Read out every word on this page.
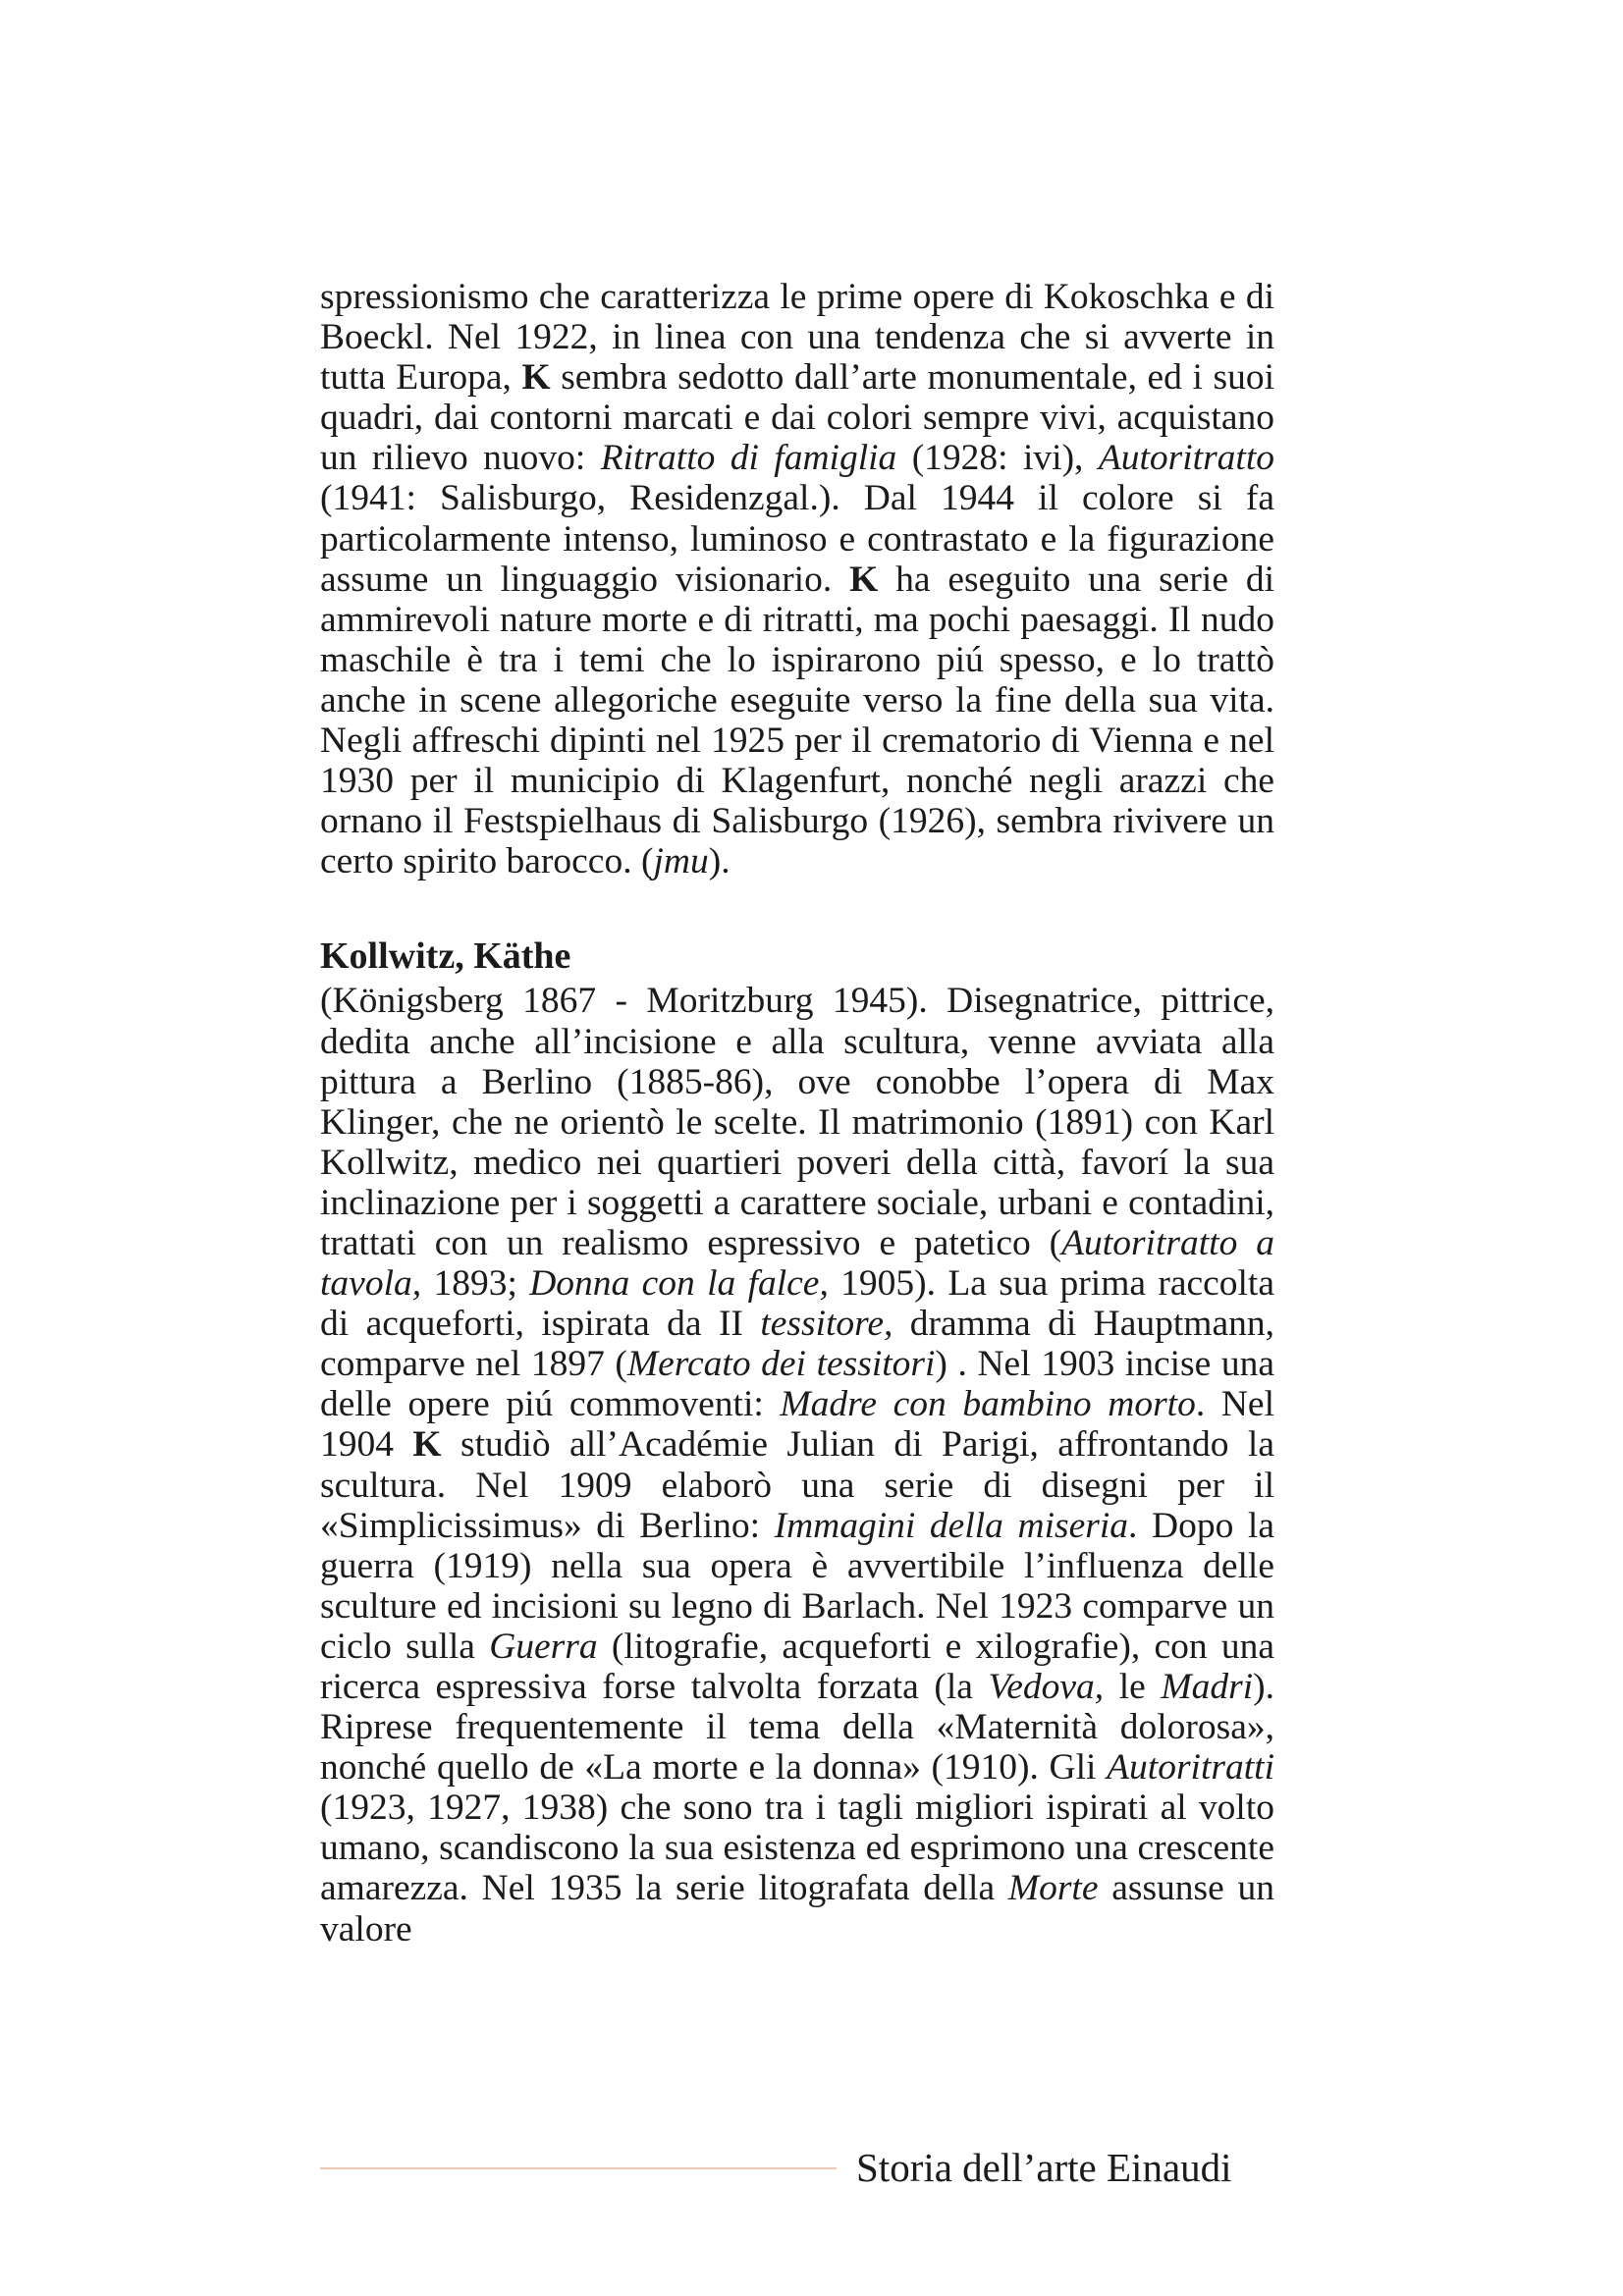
spressionismo che caratterizza le prime opere di Kokoschka e di Boeckl. Nel 1922, in linea con una tendenza che si avverte in tutta Europa, K sembra sedotto dall’arte monumentale, ed i suoi quadri, dai contorni marcati e dai colori sempre vivi, acquistano un rilievo nuovo: Ritratto di famiglia (1928: ivi), Autoritratto (1941: Salisburgo, Residenzgal.). Dal 1944 il colore si fa particolarmente intenso, luminoso e contrastato e la figurazione assume un linguaggio visionario. K ha eseguito una serie di ammirevoli nature morte e di ritratti, ma pochi paesaggi. Il nudo maschile è tra i temi che lo ispirarono piú spesso, e lo trattò anche in scene allegoriche eseguite verso la fine della sua vita. Negli affreschi dipinti nel 1925 per il crematorio di Vienna e nel 1930 per il municipio di Klagenfurt, nonché negli arazzi che ornano il Festspielhaus di Salisburgo (1926), sembra rivivere un certo spirito barocco. (jmu).

Kollwitz, Käthe

(Königsberg 1867 - Moritzburg 1945). Disegnatrice, pittrice, dedita anche all’incisione e alla scultura, venne avviata alla pittura a Berlino (1885-86), ove conobbe l’opera di Max Klinger, che ne orientò le scelte. Il matrimonio (1891) con Karl Kollwitz, medico nei quartieri poveri della città, favorí la sua inclinazione per i soggetti a carattere sociale, urbani e contadini, trattati con un realismo espressivo e patetico (Autoritratto a tavola, 1893; Donna con la falce, 1905). La sua prima raccolta di acqueforti, ispirata da II tessitore, dramma di Hauptmann, comparve nel 1897 (Mercato dei tessitori) . Nel 1903 incise una delle opere piú commoventi: Madre con bambino morto. Nel 1904 K studiò all’Académie Julian di Parigi, affrontando la scultura. Nel 1909 elaborò una serie di disegni per il «Simplicissimus» di Berlino: Immagini della miseria. Dopo la guerra (1919) nella sua opera è avvertibile l’influenza delle sculture ed incisioni su legno di Barlach. Nel 1923 comparve un ciclo sulla Guerra (litografie, acqueforti e xilografie), con una ricerca espressiva forse talvolta forzata (la Vedova, le Madri). Riprese frequentemente il tema della «Maternità dolorosa», nonché quello de «La morte e la donna» (1910). Gli Autoritratti (1923, 1927, 1938) che sono tra i tagli migliori ispirati al volto umano, scandiscono la sua esistenza ed esprimono una crescente amarezza. Nel 1935 la serie litografata della Morte assunse un valore

Storia dell’arte Einaudi
